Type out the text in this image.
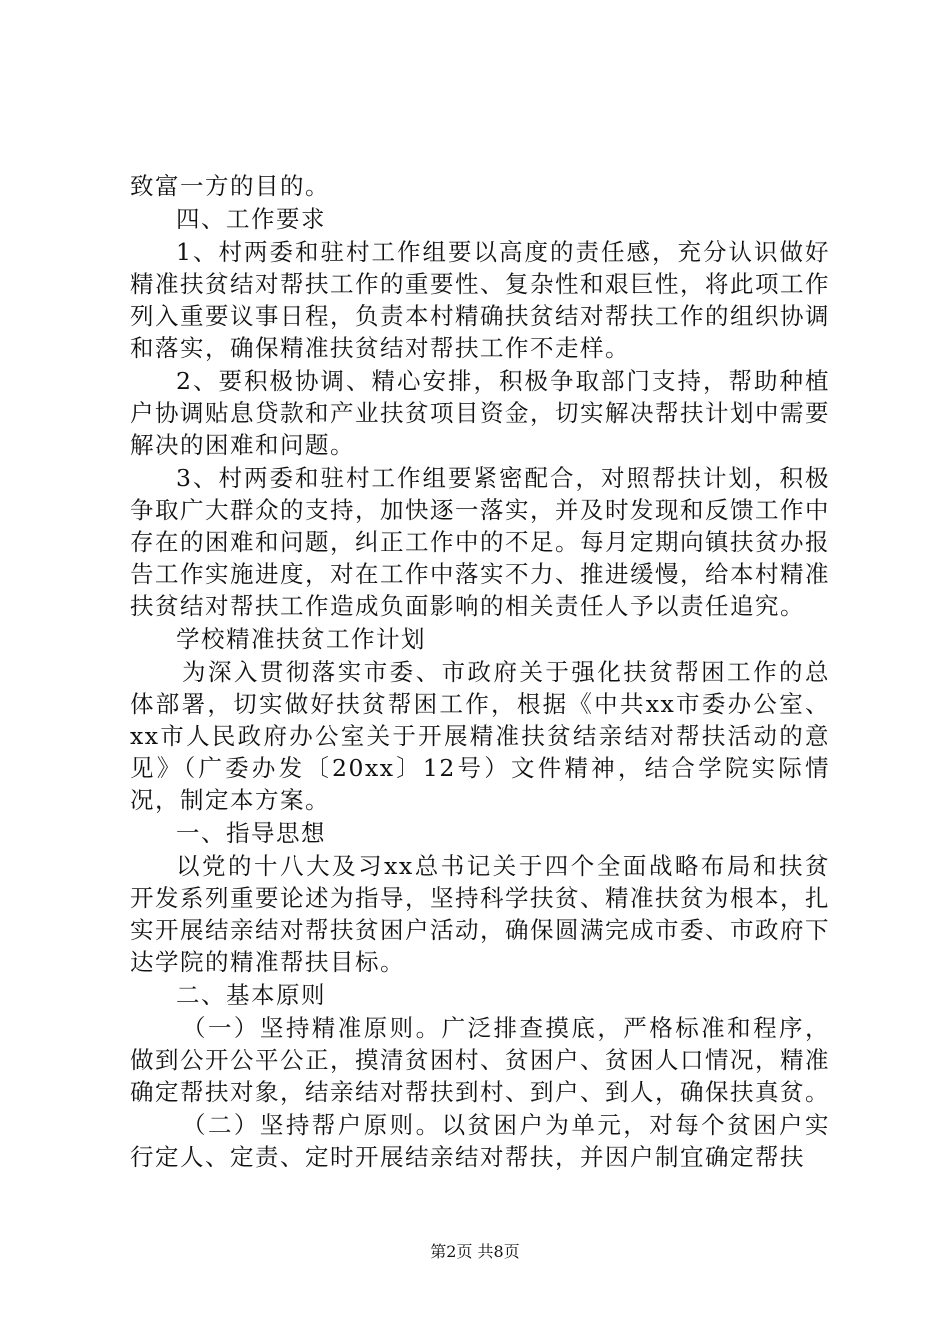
致富一方的目的。

四、工作要求

1、村两委和驻村工作组要以高度的责任感，充分认识做好精准扶贫结对帮扶工作的重要性、复杂性和艰巨性，将此项工作列入重要议事日程，负责本村精确扶贫结对帮扶工作的组织协调和落实，确保精准扶贫结对帮扶工作不走样。

2、要积极协调、精心安排，积极争取部门支持，帮助种植户协调贴息贷款和产业扶贫项目资金，切实解决帮扶计划中需要解决的困难和问题。

3、村两委和驻村工作组要紧密配合，对照帮扶计划，积极争取广大群众的支持，加快逐一落实，并及时发现和反馈工作中存在的困难和问题，纠正工作中的不足。每月定期向镇扶贫办报告工作实施进度，对在工作中落实不力、推进缓慢，给本村精准扶贫结对帮扶工作造成负面影响的相关责任人予以责任追究。

学校精准扶贫工作计划

为深入贯彻落实市委、市政府关于强化扶贫帮困工作的总体部署，切实做好扶贫帮困工作，根据《中共xx市委办公室、xx市人民政府办公室关于开展精准扶贫结亲结对帮扶活动的意见》（广委办发〔20xx〕12号）文件精神，结合学院实际情况，制定本方案。

一、指导思想

以党的十八大及习xx总书记关于四个全面战略布局和扶贫开发系列重要论述为指导，坚持科学扶贫、精准扶贫为根本，扎实开展结亲结对帮扶贫困户活动，确保圆满完成市委、市政府下达学院的精准帮扶目标。

二、基本原则

（一）坚持精准原则。广泛排查摸底，严格标准和程序，做到公开公平公正，摸清贫困村、贫困户、贫困人口情况，精准确定帮扶对象，结亲结对帮扶到村、到户、到人，确保扶真贫。

（二）坚持帮户原则。以贫困户为单元，对每个贫困户实行定人、定责、定时开展结亲结对帮扶，并因户制宜确定帮扶

第2页 共8页
